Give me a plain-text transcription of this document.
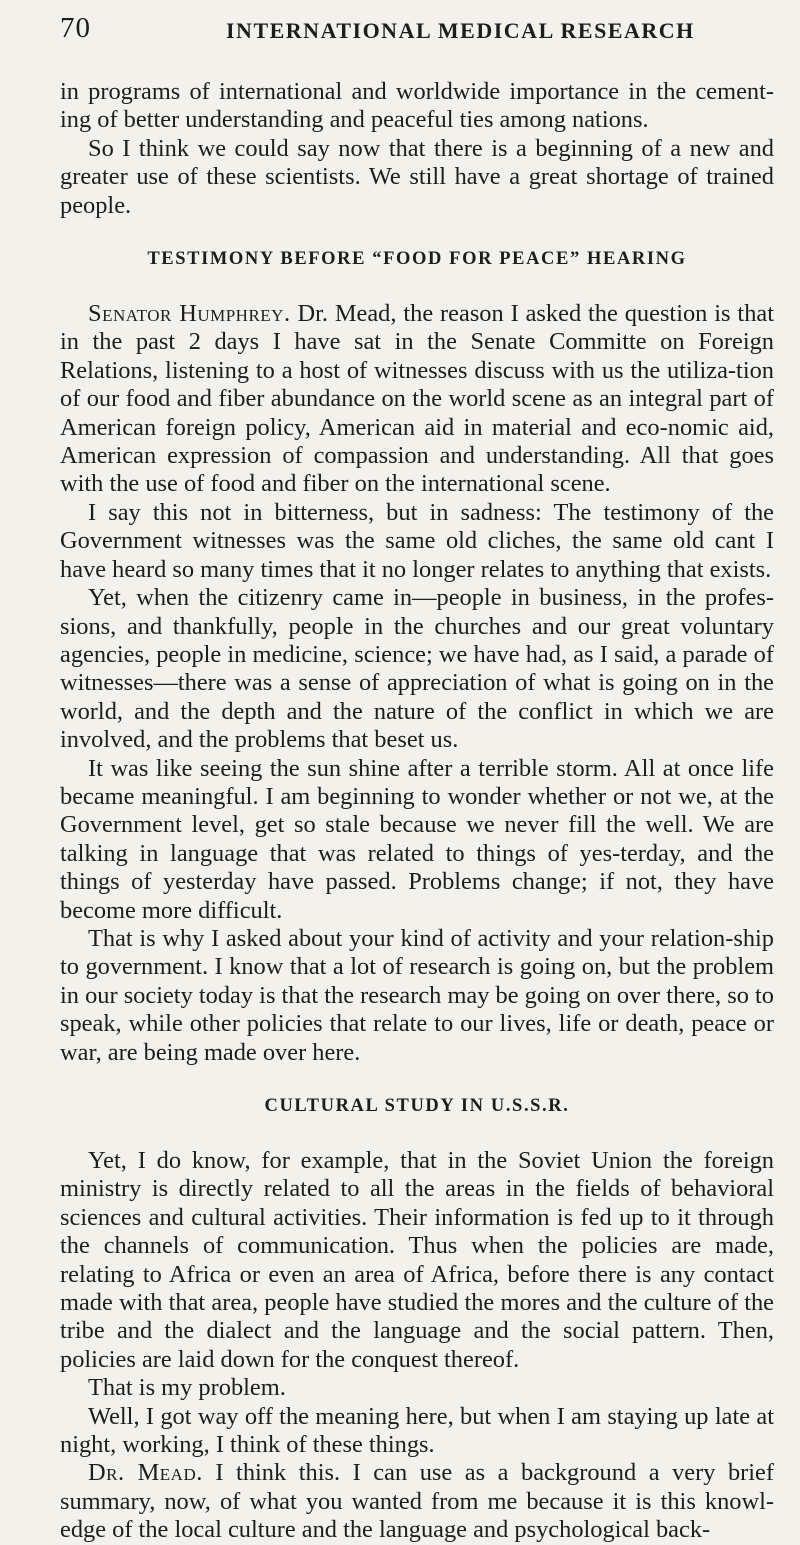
70	INTERNATIONAL MEDICAL RESEARCH

in programs of international and worldwide importance in the cement-ing of better understanding and peaceful ties among nations.

So I think we could say now that there is a beginning of a new and greater use of these scientists. We still have a great shortage of trained people.

TESTIMONY BEFORE “FOOD FOR PEACE” HEARING

Senator Humphrey. Dr. Mead, the reason I asked the question is that in the past 2 days I have sat in the Senate Committe on Foreign Relations, listening to a host of witnesses discuss with us the utiliza-tion of our food and fiber abundance on the world scene as an integral part of American foreign policy, American aid in material and eco-nomic aid, American expression of compassion and understanding. All that goes with the use of food and fiber on the international scene.

I say this not in bitterness, but in sadness: The testimony of the Government witnesses was the same old cliches, the same old cant I have heard so many times that it no longer relates to anything that exists.

Yet, when the citizenry came in—people in business, in the profes-sions, and thankfully, people in the churches and our great voluntary agencies, people in medicine, science; we have had, as I said, a parade of witnesses—there was a sense of appreciation of what is going on in the world, and the depth and the nature of the conflict in which we are involved, and the problems that beset us.

It was like seeing the sun shine after a terrible storm. All at once life became meaningful. I am beginning to wonder whether or not we, at the Government level, get so stale because we never fill the well. We are talking in language that was related to things of yes-terday, and the things of yesterday have passed. Problems change; if not, they have become more difficult.

That is why I asked about your kind of activity and your relation-ship to government. I know that a lot of research is going on, but the problem in our society today is that the research may be going on over there, so to speak, while other policies that relate to our lives, life or death, peace or war, are being made over here.

CULTURAL STUDY IN U.S.S.R.

Yet, I do know, for example, that in the Soviet Union the foreign ministry is directly related to all the areas in the fields of behavioral sciences and cultural activities. Their information is fed up to it through the channels of communication. Thus when the policies are made, relating to Africa or even an area of Africa, before there is any contact made with that area, people have studied the mores and the culture of the tribe and the dialect and the language and the social pattern. Then, policies are laid down for the conquest thereof.

That is my problem.

Well, I got way off the meaning here, but when I am staying up late at night, working, I think of these things.

Dr. Mead. I think this. I can use as a background a very brief summary, now, of what you wanted from me because it is this knowl-edge of the local culture and the language and psychological back-
